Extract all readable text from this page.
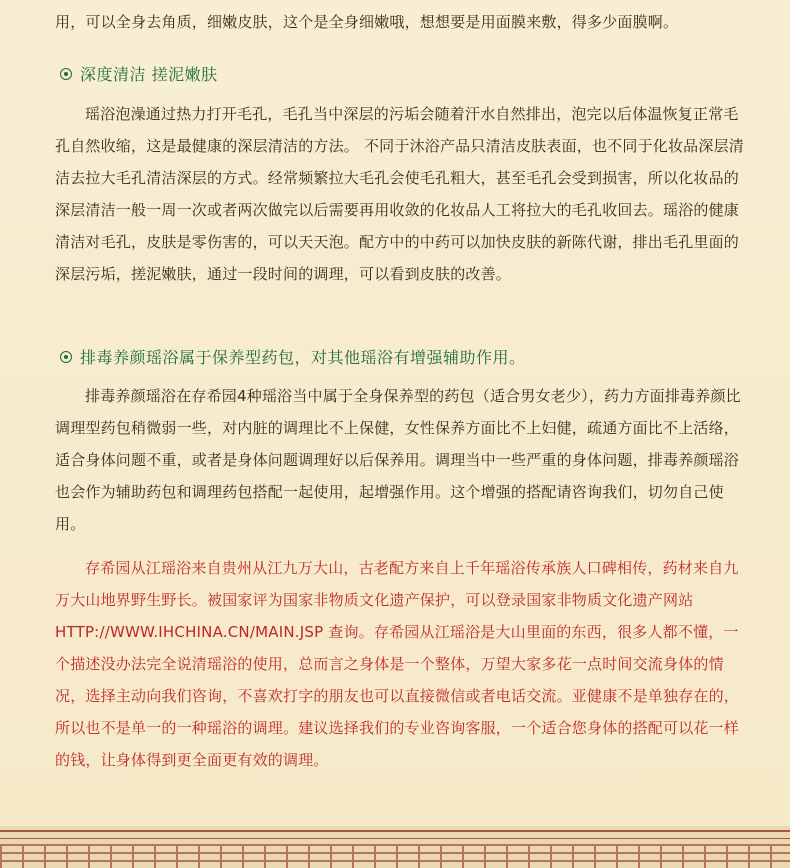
用，可以全身去角质，细嫩皮肤，这个是全身细嫩哦，想想要是用面膜来敷，得多少面膜啊。

深度清洁 搓泥嫩肤

瑶浴泡澡通过热力打开毛孔，毛孔当中深层的污垢会随着汗水自然排出，泡完以后体温恢复正常毛孔自然收缩，这是最健康的深层清洁的方法。 不同于沐浴产品只清洁皮肤表面，也不同于化妆品深层清洁去拉大毛孔清洁深层的方式。经常频繁拉大毛孔会使毛孔粗大，甚至毛孔会受到损害，所以化妆品的深层清洁一般一周一次或者两次做完以后需要再用收敛的化妆品人工将拉大的毛孔收回去。瑶浴的健康清洁对毛孔，皮肤是零伤害的，可以天天泡。配方中的中药可以加快皮肤的新陈代谢，排出毛孔里面的深层污垢，搓泥嫩肤，通过一段时间的调理，可以看到皮肤的改善。

排毒养颜瑶浴属于保养型药包，对其他瑶浴有增强辅助作用。

排毒养颜瑶浴在存希园4种瑶浴当中属于全身保养型的药包（适合男女老少），药力方面排毒养颜比调理型药包稍微弱一些，对内脏的调理比不上保健，女性保养方面比不上妇健，疏通方面比不上活络，适合身体问题不重，或者是身体问题调理好以后保养用。调理当中一些严重的身体问题，排毒养颜瑶浴也会作为辅助药包和调理药包搭配一起使用，起增强作用。这个增强的搭配请咨询我们，切勿自己使用。

存希园从江瑶浴来自贵州从江九万大山，古老配方来自上千年瑶浴传承族人口碑相传，药材来自九万大山地界野生野长。被国家评为国家非物质文化遗产保护，可以登录国家非物质文化遗产网站HTTP://WWW.IHCHINA.CN/MAIN.JSP 查询。存希园从江瑶浴是大山里面的东西，很多人都不懂，一个描述没办法完全说清瑶浴的使用，总而言之身体是一个整体，万望大家多花一点时间交流身体的情况，选择主动向我们咨询，不喜欢打字的朋友也可以直接微信或者电话交流。亚健康不是单独存在的，所以也不是单一的一种瑶浴的调理。建议选择我们的专业咨询客服，一个适合您身体的搭配可以花一样的钱，让身体得到更全面更有效的调理。
